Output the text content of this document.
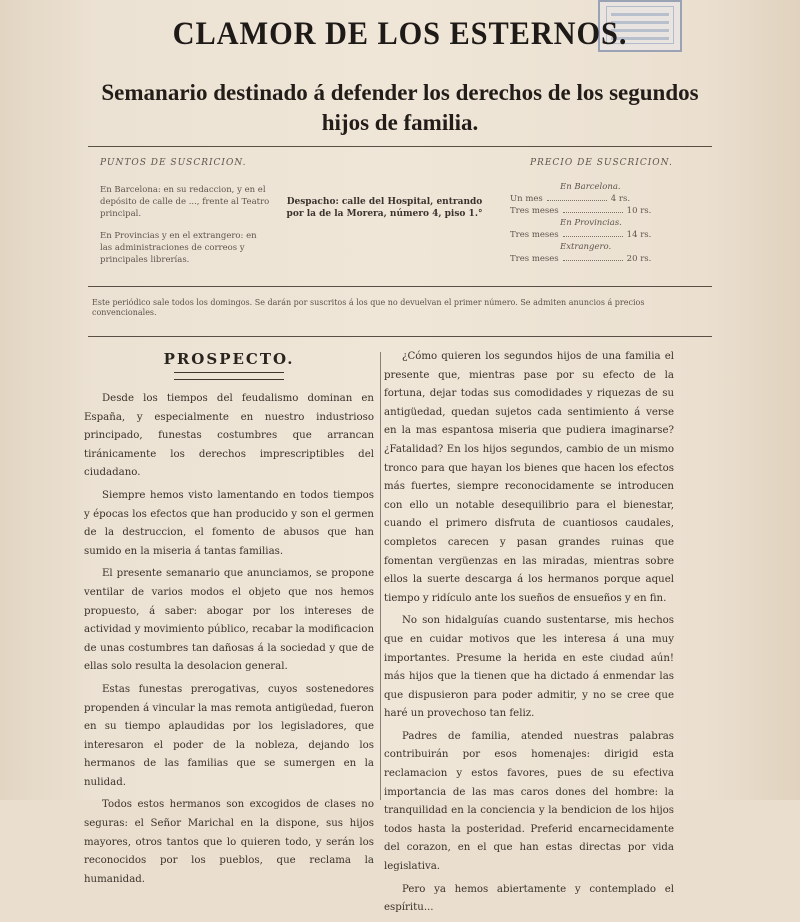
CLAMOR DE LOS ESTERNOS.
Semanario destinado á defender los derechos de los segundos hijos de familia.
PUNTOS DE SUSCRICION.	PRECIO DE SUSCRICION.
En Barcelona: en su redaccion, y en el depósito de calle de ..., frente al Teatro principal.
En Provincias y en el extrangero: en las administraciones de correos y principales librerías.
Despacho: calle del Hospital, entrando por la de la Morera, número 4, piso 1.°
En Barcelona.
Un mes	4 rs.
Tres meses	10 rs.
En Provincias.
Tres meses	14 rs.
Extrangero.
Tres meses	20 rs.
Este periódico sale todos los domingos. Se darán por suscritos á los que no devuelvan el primer número. Se admiten anuncios á precios convencionales.
PROSPECTO.

Desde los tiempos del feudalismo dominan en España, y especialmente en nuestro industrioso principado, funestas costumbres que arrancan tiránicamente los derechos imprescriptibles del ciudadano.

Siempre hemos visto lamentando en todos tiempos y épocas los efectos que han producido y son el germen de la destruccion, el fomento de abusos que han sumido en la miseria á tantas familias.

El presente semanario que anunciamos, se propone ventilar de varios modos el objeto que nos hemos propuesto, á saber: abogar por los intereses de actividad y movimiento público, recabar la modificacion de unas costumbres tan dañosas á la sociedad y que de ellas solo resulta la desolacion general.

Estas funestas prerogativas, cuyos sostenedores propenden á vincular la mas remota antigüedad, fueron en su tiempo aplaudidas por los legisladores, que interesaron el poder de la nobleza, dejando los hermanos de las familias que se sumergen en la nulidad.

Todos estos hermanos son excogidos de clases no seguras: el Señor Marichal en la dispone, sus hijos mayores, otros tantos que lo quieren todo, y serán los reconocidos por los pueblos, que reclama la humanidad.

¿Cómo quieren los segundos hijos de una familia el presente que, mientras pase por su efecto de la fortuna, dejar todas sus comodidades y riquezas de su antigüedad, quedan sujetos cada sentimiento á verse en la mas espantosa miseria que pudiera imaginarse? ¿Fatalidad? En los hijos segundos, cambio de un mismo tronco para que hayan los bienes que hacen los efectos más fuertes, siempre reconocidamente se introducen con ello un notable desequilibrio para el bienestar, cuando el primero disfruta de cuantiosos caudales, completos carecen y pasan grandes ruinas que fomentan vergüenzas en las miradas, mientras sobre ellos la suerte descarga á los hermanos porque aquel tiempo y ridículo ante los sueños de ensueños y en fin.

No son hidalguías cuando sustentarse, mis hechos que en cuidar motivos que les interesa á una muy importantes. Presume la herida en este ciudad aún! más hijos que la tienen que ha dictado á enmendar las que dispusieron para poder admitir, y no se cree que haré un provechoso tan feliz.

Padres de familia, atended nuestras palabras contribuirán por esos homenajes: dirigid esta reclamacion y estos favores, pues de su efectiva importancia de las mas caros dones del hombre: la tranquilidad en la conciencia y la bendicion de los hijos todos hasta la posteridad. Preferid encarnecidamente del corazon, en el que han estas directas por vida legislativa.

Pero ya hemos abiertamente y contemplado el espíritu...
